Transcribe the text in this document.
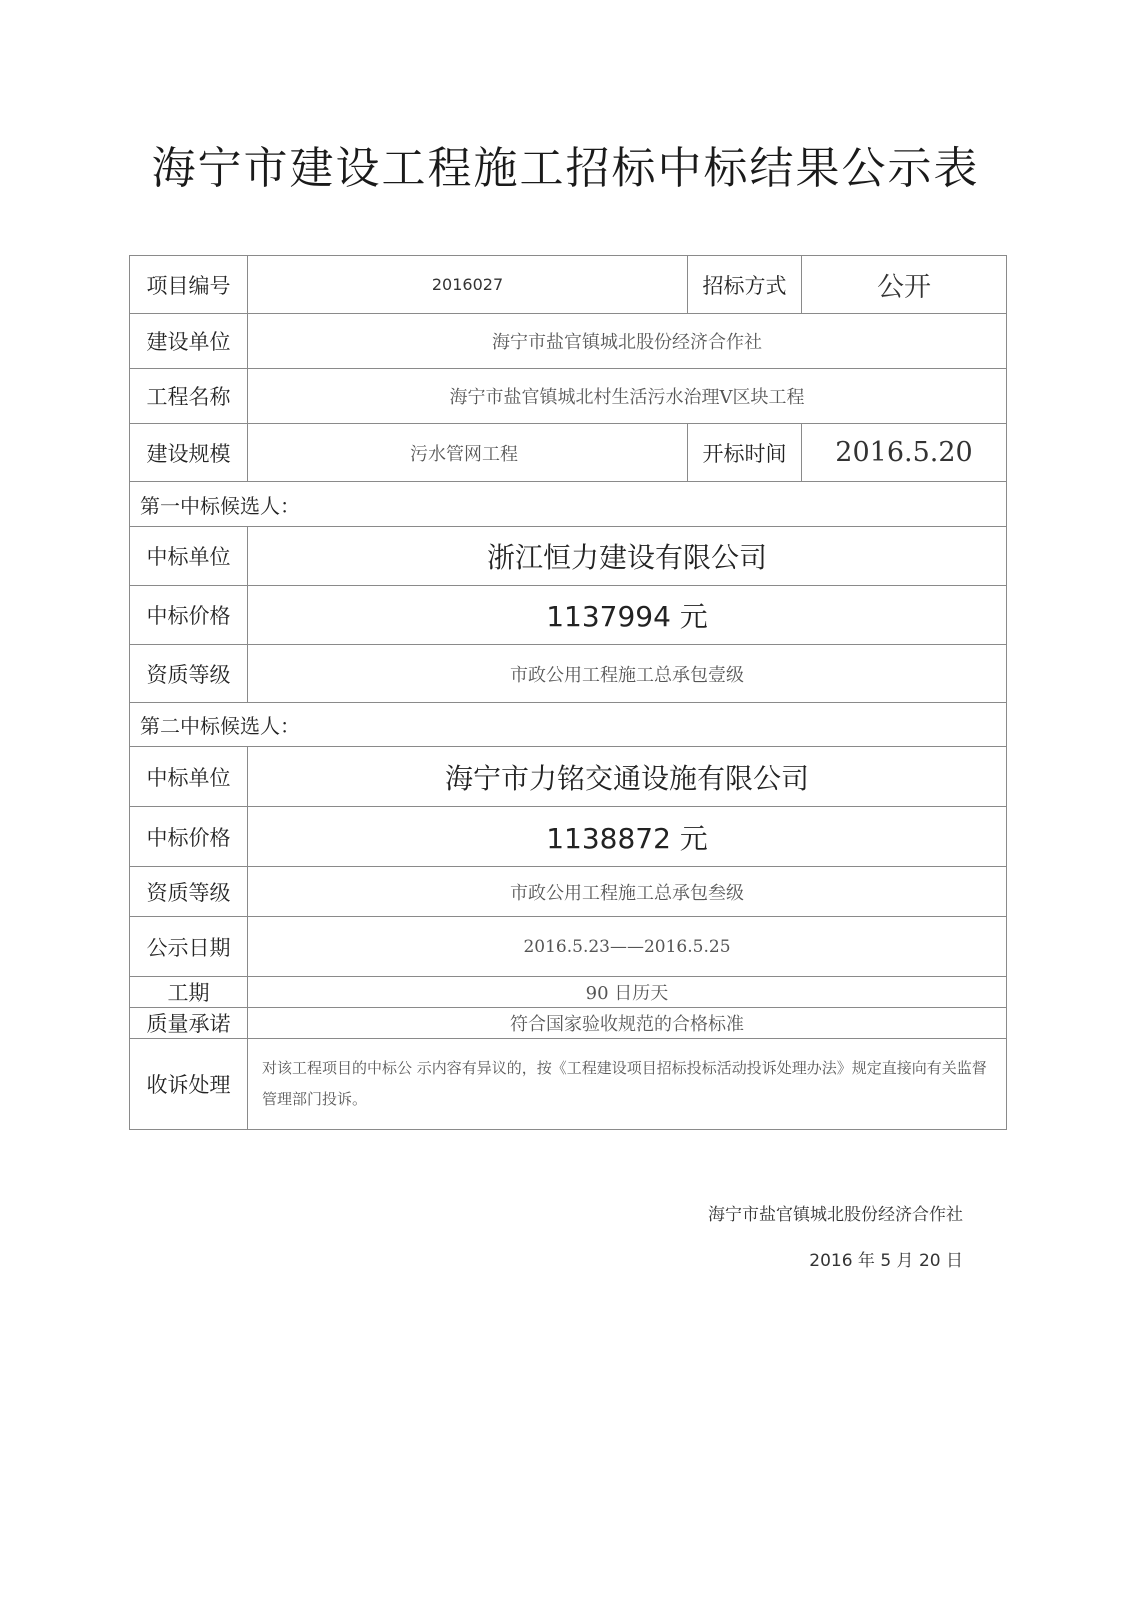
海宁市建设工程施工招标中标结果公示表
项目编号	2016027	招标方式	公开
建设单位	海宁市盐官镇城北股份经济合作社		
工程名称	海宁市盐官镇城北村生活污水治理Ⅴ区块工程		
建设规模	污水管网工程	开标时间	2016.5.20
第一中标候选人：			
中标单位	浙江恒力建设有限公司		
中标价格	1137994 元		
资质等级	市政公用工程施工总承包壹级		
第二中标候选人：			
中标单位	海宁市力铭交通设施有限公司		
中标价格	1138872 元		
资质等级	市政公用工程施工总承包叁级		
公示日期	2016.5.23——2016.5.25		
工期	90 日历天		
质量承诺	符合国家验收规范的合格标准		
收诉处理	对该工程项目的中标公 示内容有异议的，按《工程建设项目招标投标活动投诉处理办法》规定直接向有关监督管理部门投诉。		
海宁市盐官镇城北股份经济合作社
2016 年 5 月 20 日
